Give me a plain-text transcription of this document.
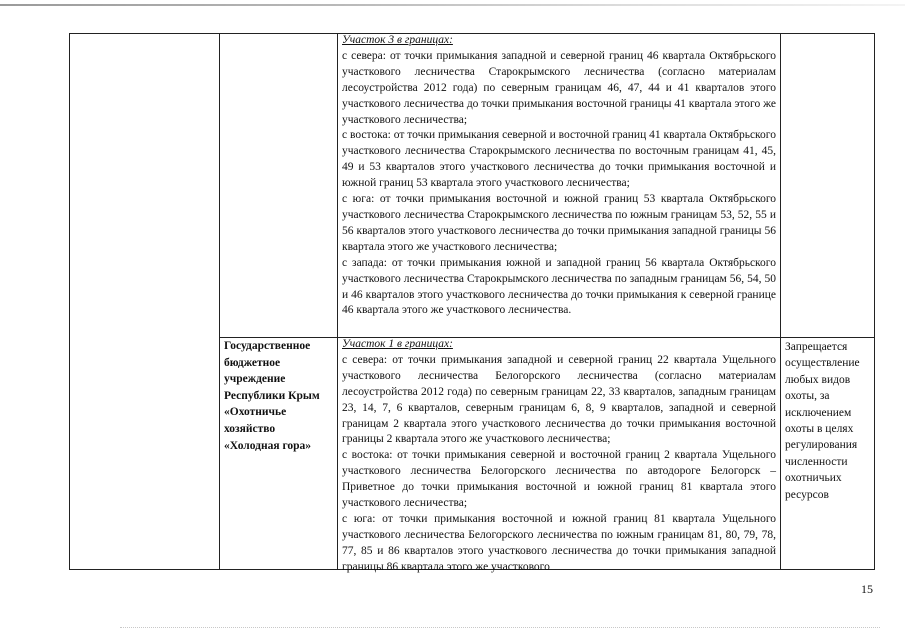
Участок 3 в границах:

с севера: от точки примыкания западной и северной границ 46 квартала Октябрьского участкового лесничества Старокрымского лесничества (согласно материалам лесоустройства 2012 года) по северным границам 46, 47, 44 и 41 кварталов этого участкового лесничества до точки примыкания восточной границы 41 квартала этого же участкового лесничества;

с востока: от точки примыкания северной и восточной границ 41 квартала Октябрьского участкового лесничества Старокрымского лесничества по восточным границам 41, 45, 49 и 53 кварталов этого участкового лесничества до точки примыкания восточной и южной границ 53 квартала этого участкового лесничества;

с юга: от точки примыкания восточной и южной границ 53 квартала Октябрьского участкового лесничества Старокрымского лесничества по южным границам 53, 52, 55 и 56 кварталов этого участкового лесничества до точки примыкания западной границы 56 квартала этого же участкового лесничества;

с запада: от точки примыкания южной и западной границ 56 квартала Октябрьского участкового лесничества Старокрымского лесничества по западным границам 56, 54, 50 и 46 кварталов этого участкового лесничества до точки примыкания к северной границе 46 квартала этого же участкового лесничества.

Государственное бюджетное учреждение Республики Крым «Охотничье хозяйство «Холодная гора»

Участок 1 в границах:

с севера: от точки примыкания западной и северной границ 22 квартала Ущельного участкового лесничества Белогорского лесничества (согласно материалам лесоустройства 2012 года) по северным границам 22, 33 кварталов, западным границам 23, 14, 7, 6 кварталов, северным границам 6, 8, 9 кварталов, западной и северной границам 2 квартала этого участкового лесничества до точки примыкания восточной границы 2 квартала этого же участкового лесничества;

с востока: от точки примыкания северной и восточной границ 2 квартала Ущельного участкового лесничества Белогорского лесничества по автодороге Белогорск – Приветное до точки примыкания восточной и южной границ 81 квартала этого участкового лесничества;

с юга: от точки примыкания восточной и южной границ 81 квартала Ущельного участкового лесничества Белогорского лесничества по южным границам 81, 80, 79, 78, 77, 85 и 86 кварталов этого участкового лесничества до точки примыкания западной границы 86 квартала этого же участкового

Запрещается осуществление любых видов охоты, за исключением охоты в целях регулирования численности охотничьих ресурсов
15
